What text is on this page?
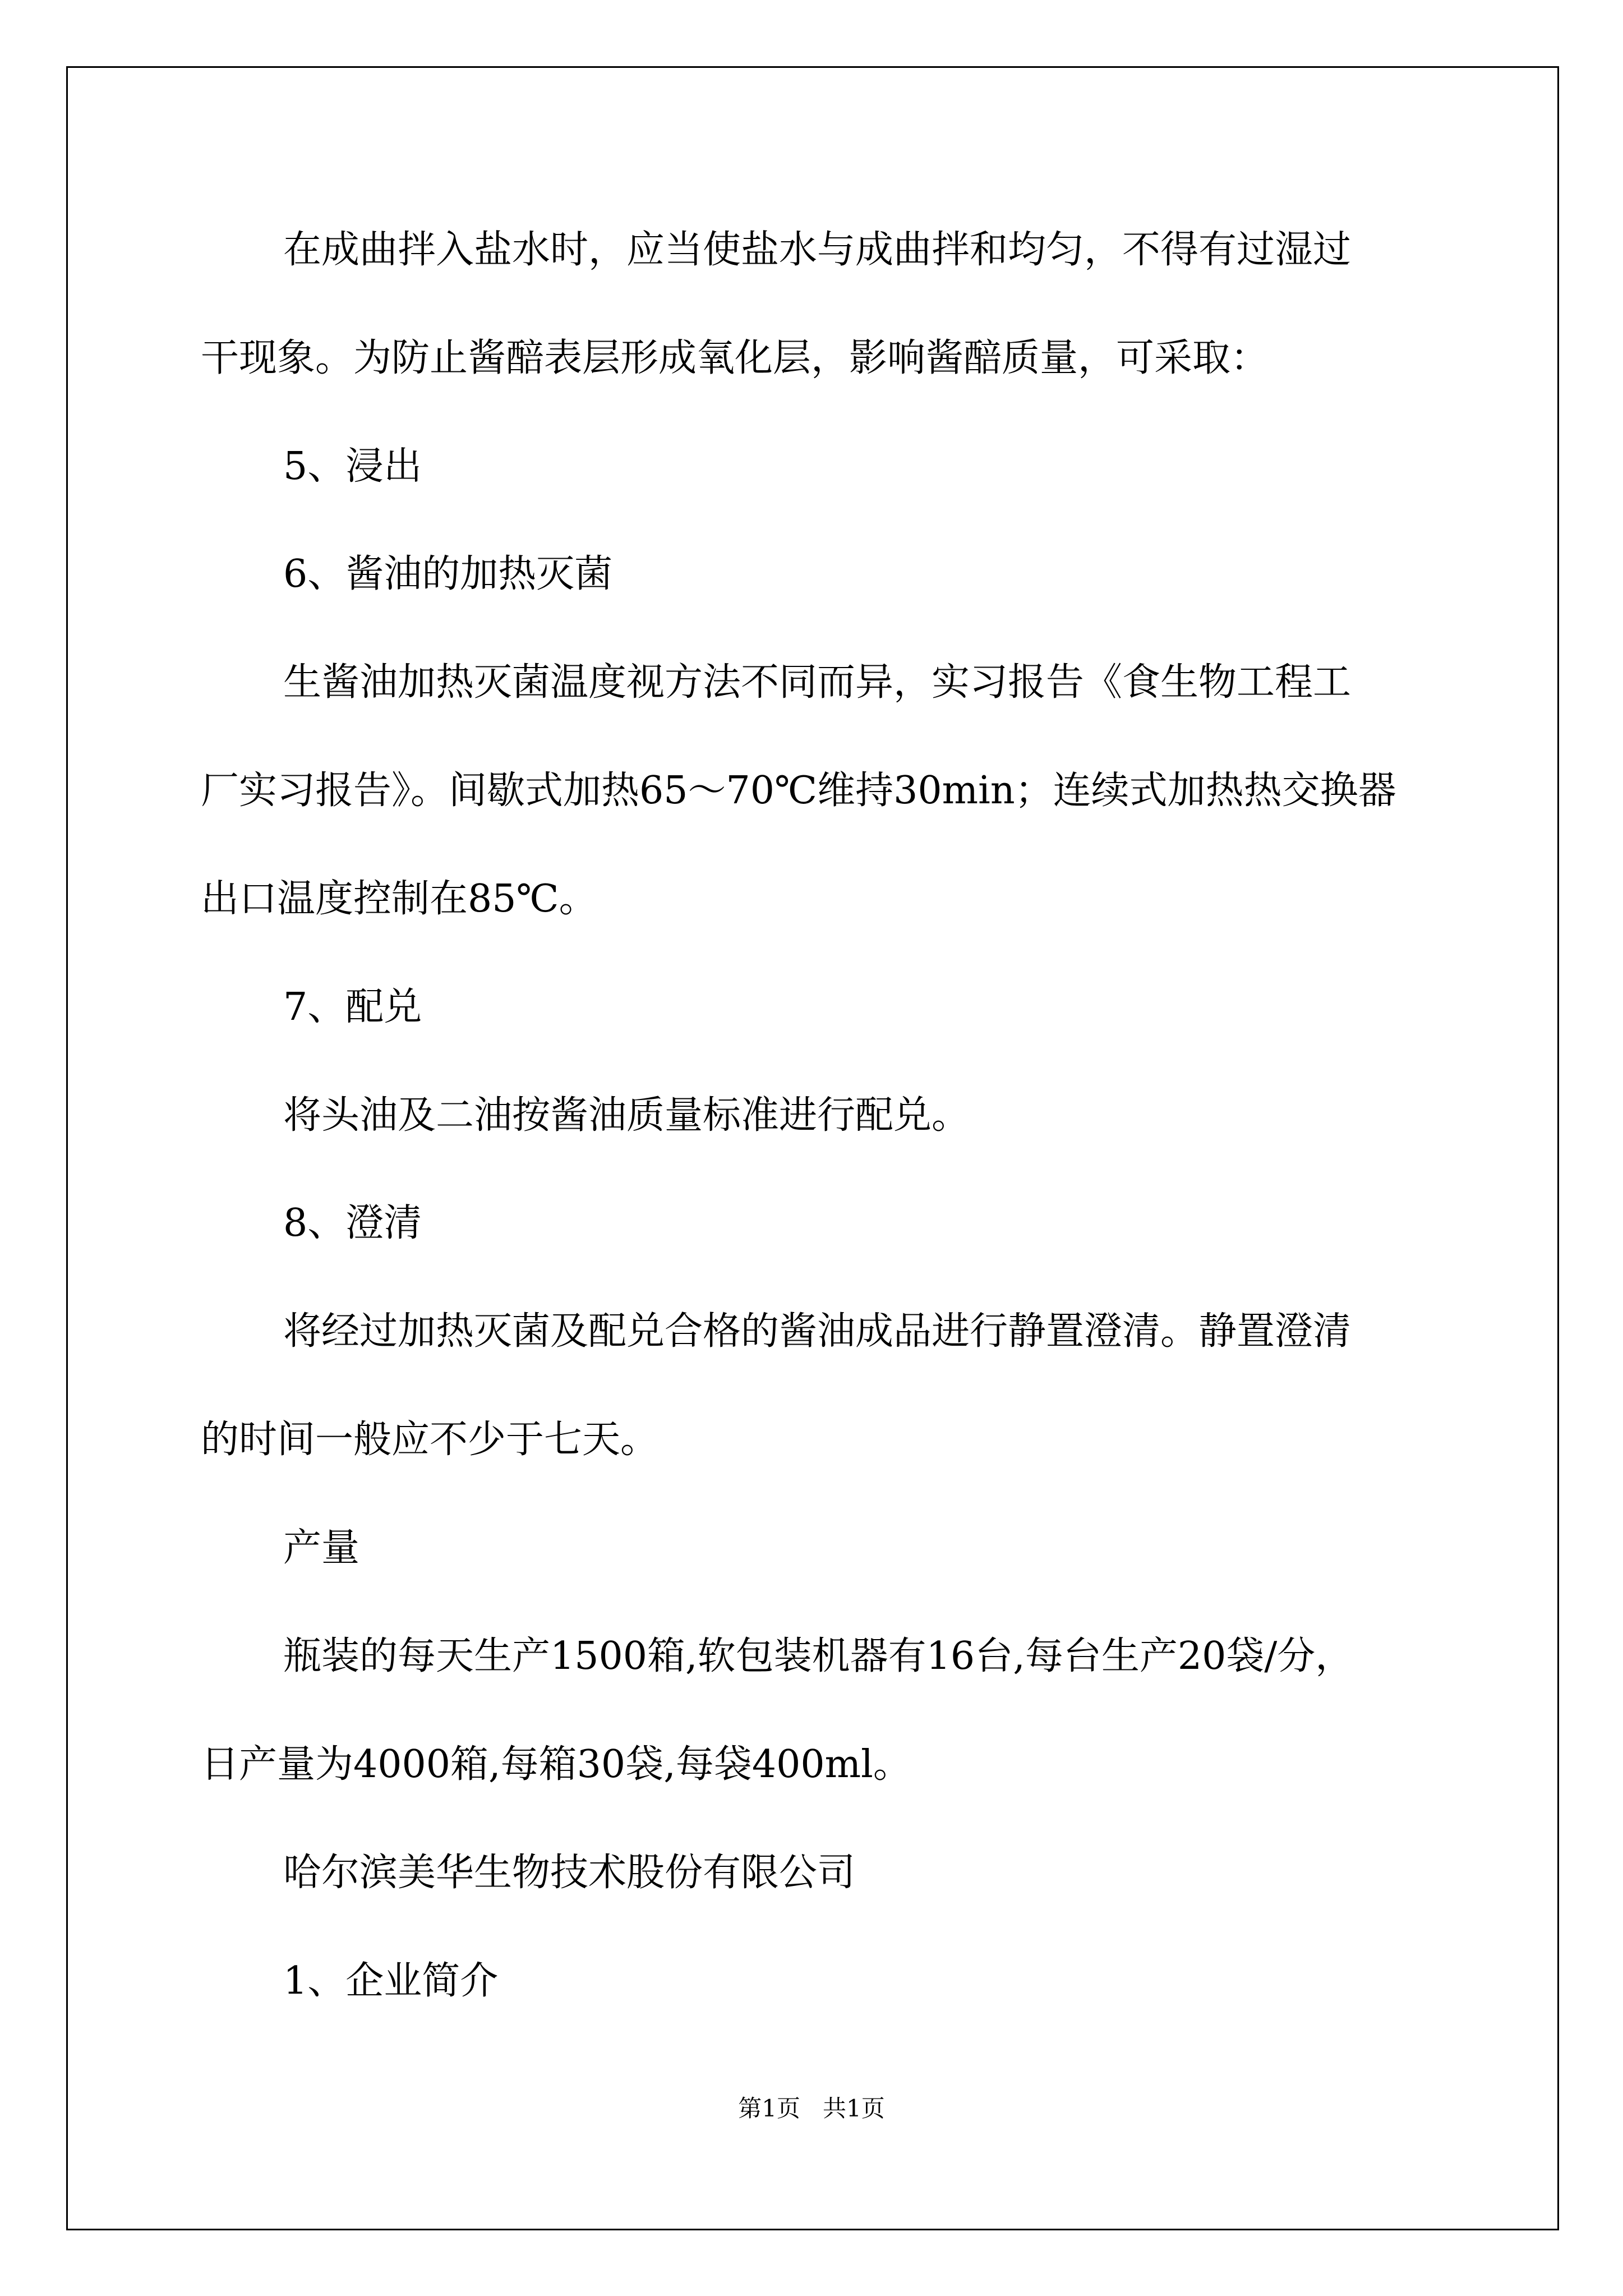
在成曲拌入盐水时，应当使盐水与成曲拌和均匀，不得有过湿过
干现象。为防止酱醅表层形成氧化层，影响酱醅质量，可采取：
5、浸出
6、酱油的加热灭菌
生酱油加热灭菌温度视方法不同而异，实习报告《食生物工程工
厂实习报告》。间歇式加热65～70℃维持30min；连续式加热热交换器
出口温度控制在85℃。
7、配兑
将头油及二油按酱油质量标准进行配兑。
8、澄清
将经过加热灭菌及配兑合格的酱油成品进行静置澄清。静置澄清
的时间一般应不少于七天。
产量
瓶装的每天生产1500箱,软包装机器有16台,每台生产20袋/分，
日产量为4000箱,每箱30袋,每袋400ml。
哈尔滨美华生物技术股份有限公司
1、企业简介
第1页   共1页
